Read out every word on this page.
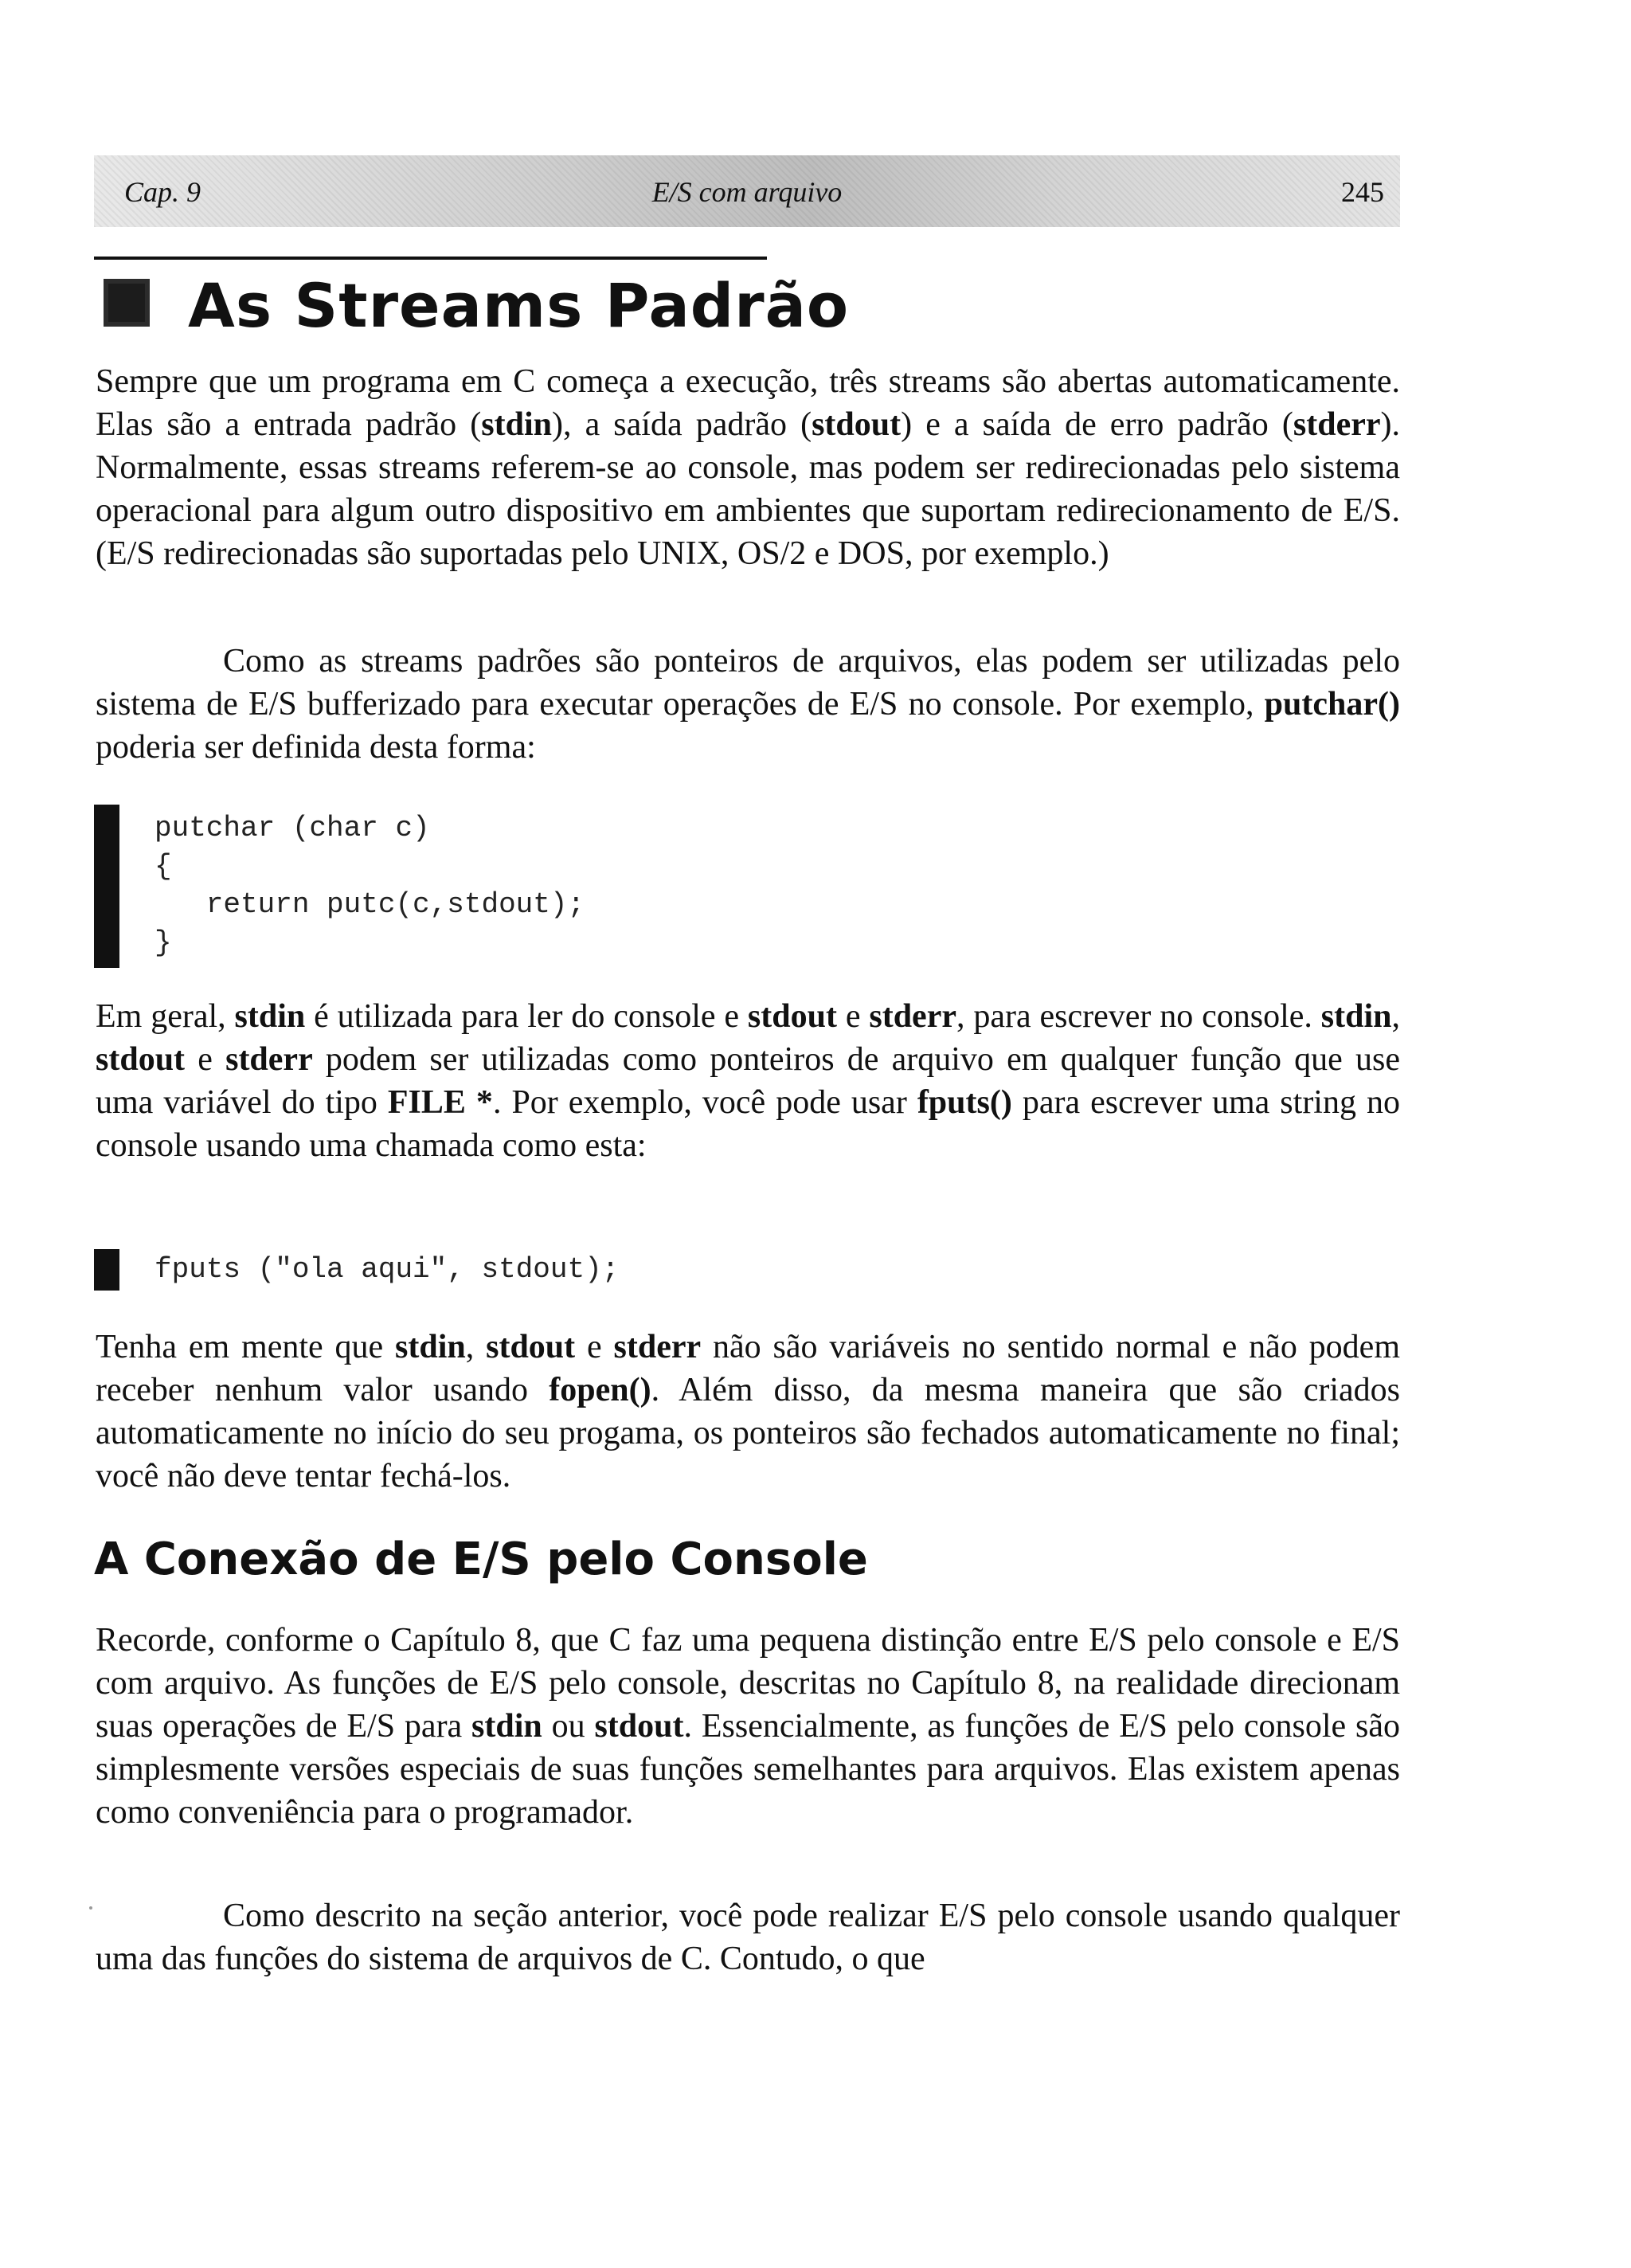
Cap. 9	E/S com arquivo	245
As Streams Padrão

Sempre que um programa em C começa a execução, três streams são abertas automaticamente. Elas são a entrada padrão (stdin), a saída padrão (stdout) e a saída de erro padrão (stderr). Normalmente, essas streams referem-se ao console, mas podem ser redirecionadas pelo sistema operacional para algum outro dispositivo em ambientes que suportam redirecionamento de E/S. (E/S redirecionadas são suportadas pelo UNIX, OS/2 e DOS, por exemplo.)

Como as streams padrões são ponteiros de arquivos, elas podem ser utilizadas pelo sistema de E/S bufferizado para executar operações de E/S no console. Por exemplo, putchar() poderia ser definida desta forma:

putchar (char c)
{
return putc(c,stdout);
}

Em geral, stdin é utilizada para ler do console e stdout e stderr, para escrever no console. stdin, stdout e stderr podem ser utilizadas como ponteiros de arquivo em qualquer função que use uma variável do tipo FILE *. Por exemplo, você pode usar fputs() para escrever uma string no console usando uma chamada como esta:

fputs ("ola aqui", stdout);

Tenha em mente que stdin, stdout e stderr não são variáveis no sentido normal e não podem receber nenhum valor usando fopen(). Além disso, da mesma maneira que são criados automaticamente no início do seu progama, os ponteiros são fechados automaticamente no final; você não deve tentar fechá-los.

A Conexão de E/S pelo Console

Recorde, conforme o Capítulo 8, que C faz uma pequena distinção entre E/S pelo console e E/S com arquivo. As funções de E/S pelo console, descritas no Capítulo 8, na realidade direcionam suas operações de E/S para stdin ou stdout. Essencialmente, as funções de E/S pelo console são simplesmente versões especiais de suas funções semelhantes para arquivos. Elas existem apenas como conveniência para o programador.

Como descrito na seção anterior, você pode realizar E/S pelo console usando qualquer uma das funções do sistema de arquivos de C. Contudo, o que
